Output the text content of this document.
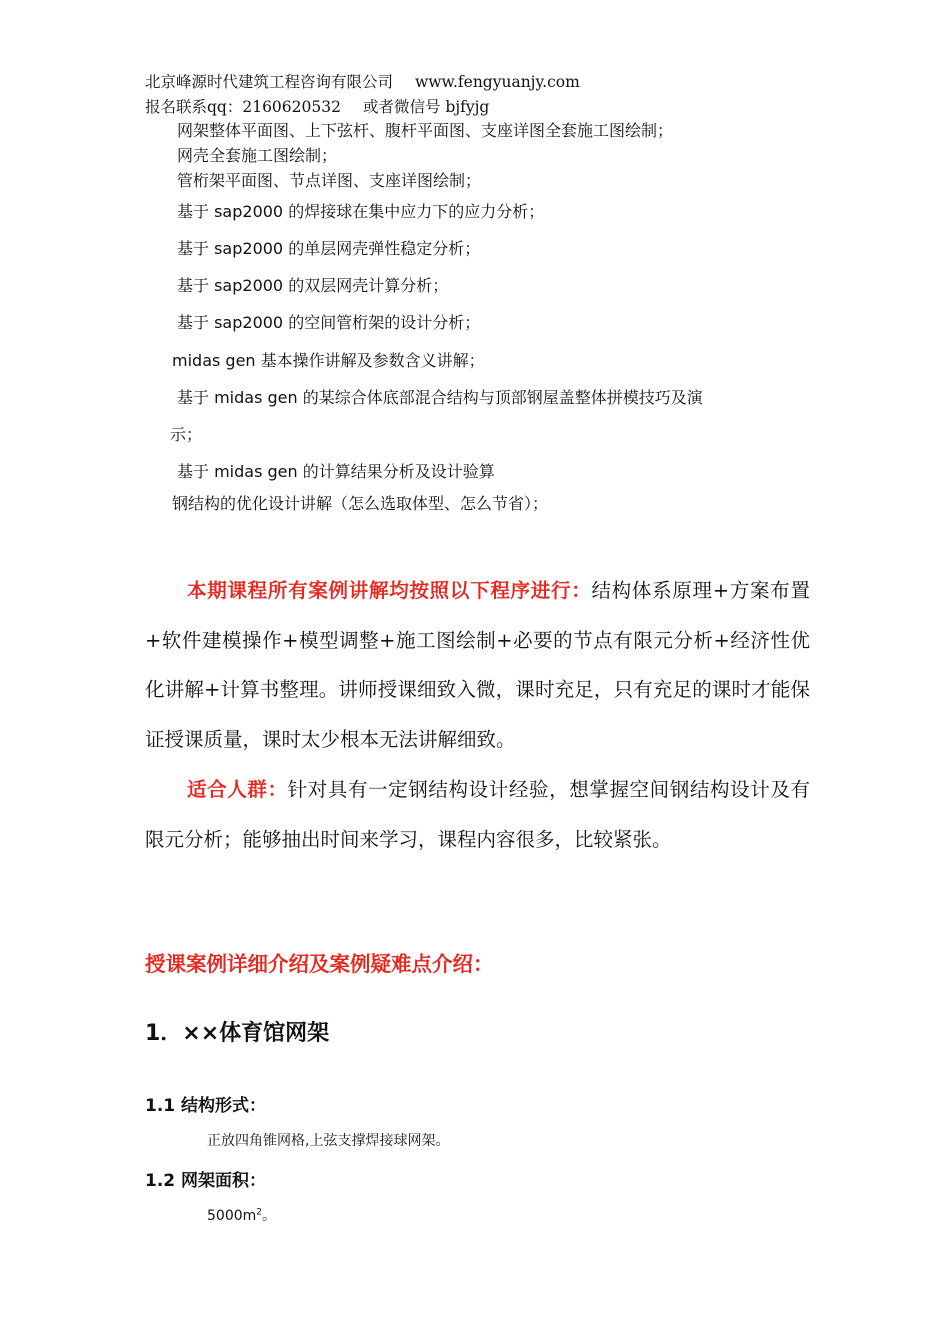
北京峰源时代建筑工程咨询有限公司 www.fengyuanjy.com
报名联系qq：2160620532 或者微信号 bjfyjg
网架整体平面图、上下弦杆、腹杆平面图、支座详图全套施工图绘制；
网壳全套施工图绘制；
管桁架平面图、节点详图、支座详图绘制；
基于 sap2000 的焊接球在集中应力下的应力分析；
基于 sap2000 的单层网壳弹性稳定分析；
基于 sap2000 的双层网壳计算分析；
基于 sap2000 的空间管桁架的设计分析；
midas gen 基本操作讲解及参数含义讲解；
基于 midas gen 的某综合体底部混合结构与顶部钢屋盖整体拼模技巧及演
示；
基于 midas gen 的计算结果分析及设计验算
钢结构的优化设计讲解（怎么选取体型、怎么节省）；
本期课程所有案例讲解均按照以下程序进行：结构体系原理+方案布置+软件建模操作+模型调整+施工图绘制+必要的节点有限元分析+经济性优化讲解+计算书整理。讲师授课细致入微，课时充足，只有充足的课时才能保证授课质量，课时太少根本无法讲解细致。
适合人群：针对具有一定钢结构设计经验，想掌握空间钢结构设计及有限元分析；能够抽出时间来学习，课程内容很多，比较紧张。
授课案例详细介绍及案例疑难点介绍：
1．××体育馆网架
1.1 结构形式：
正放四角锥网格,上弦支撑焊接球网架。
1.2 网架面积：
$5000m^2$。
